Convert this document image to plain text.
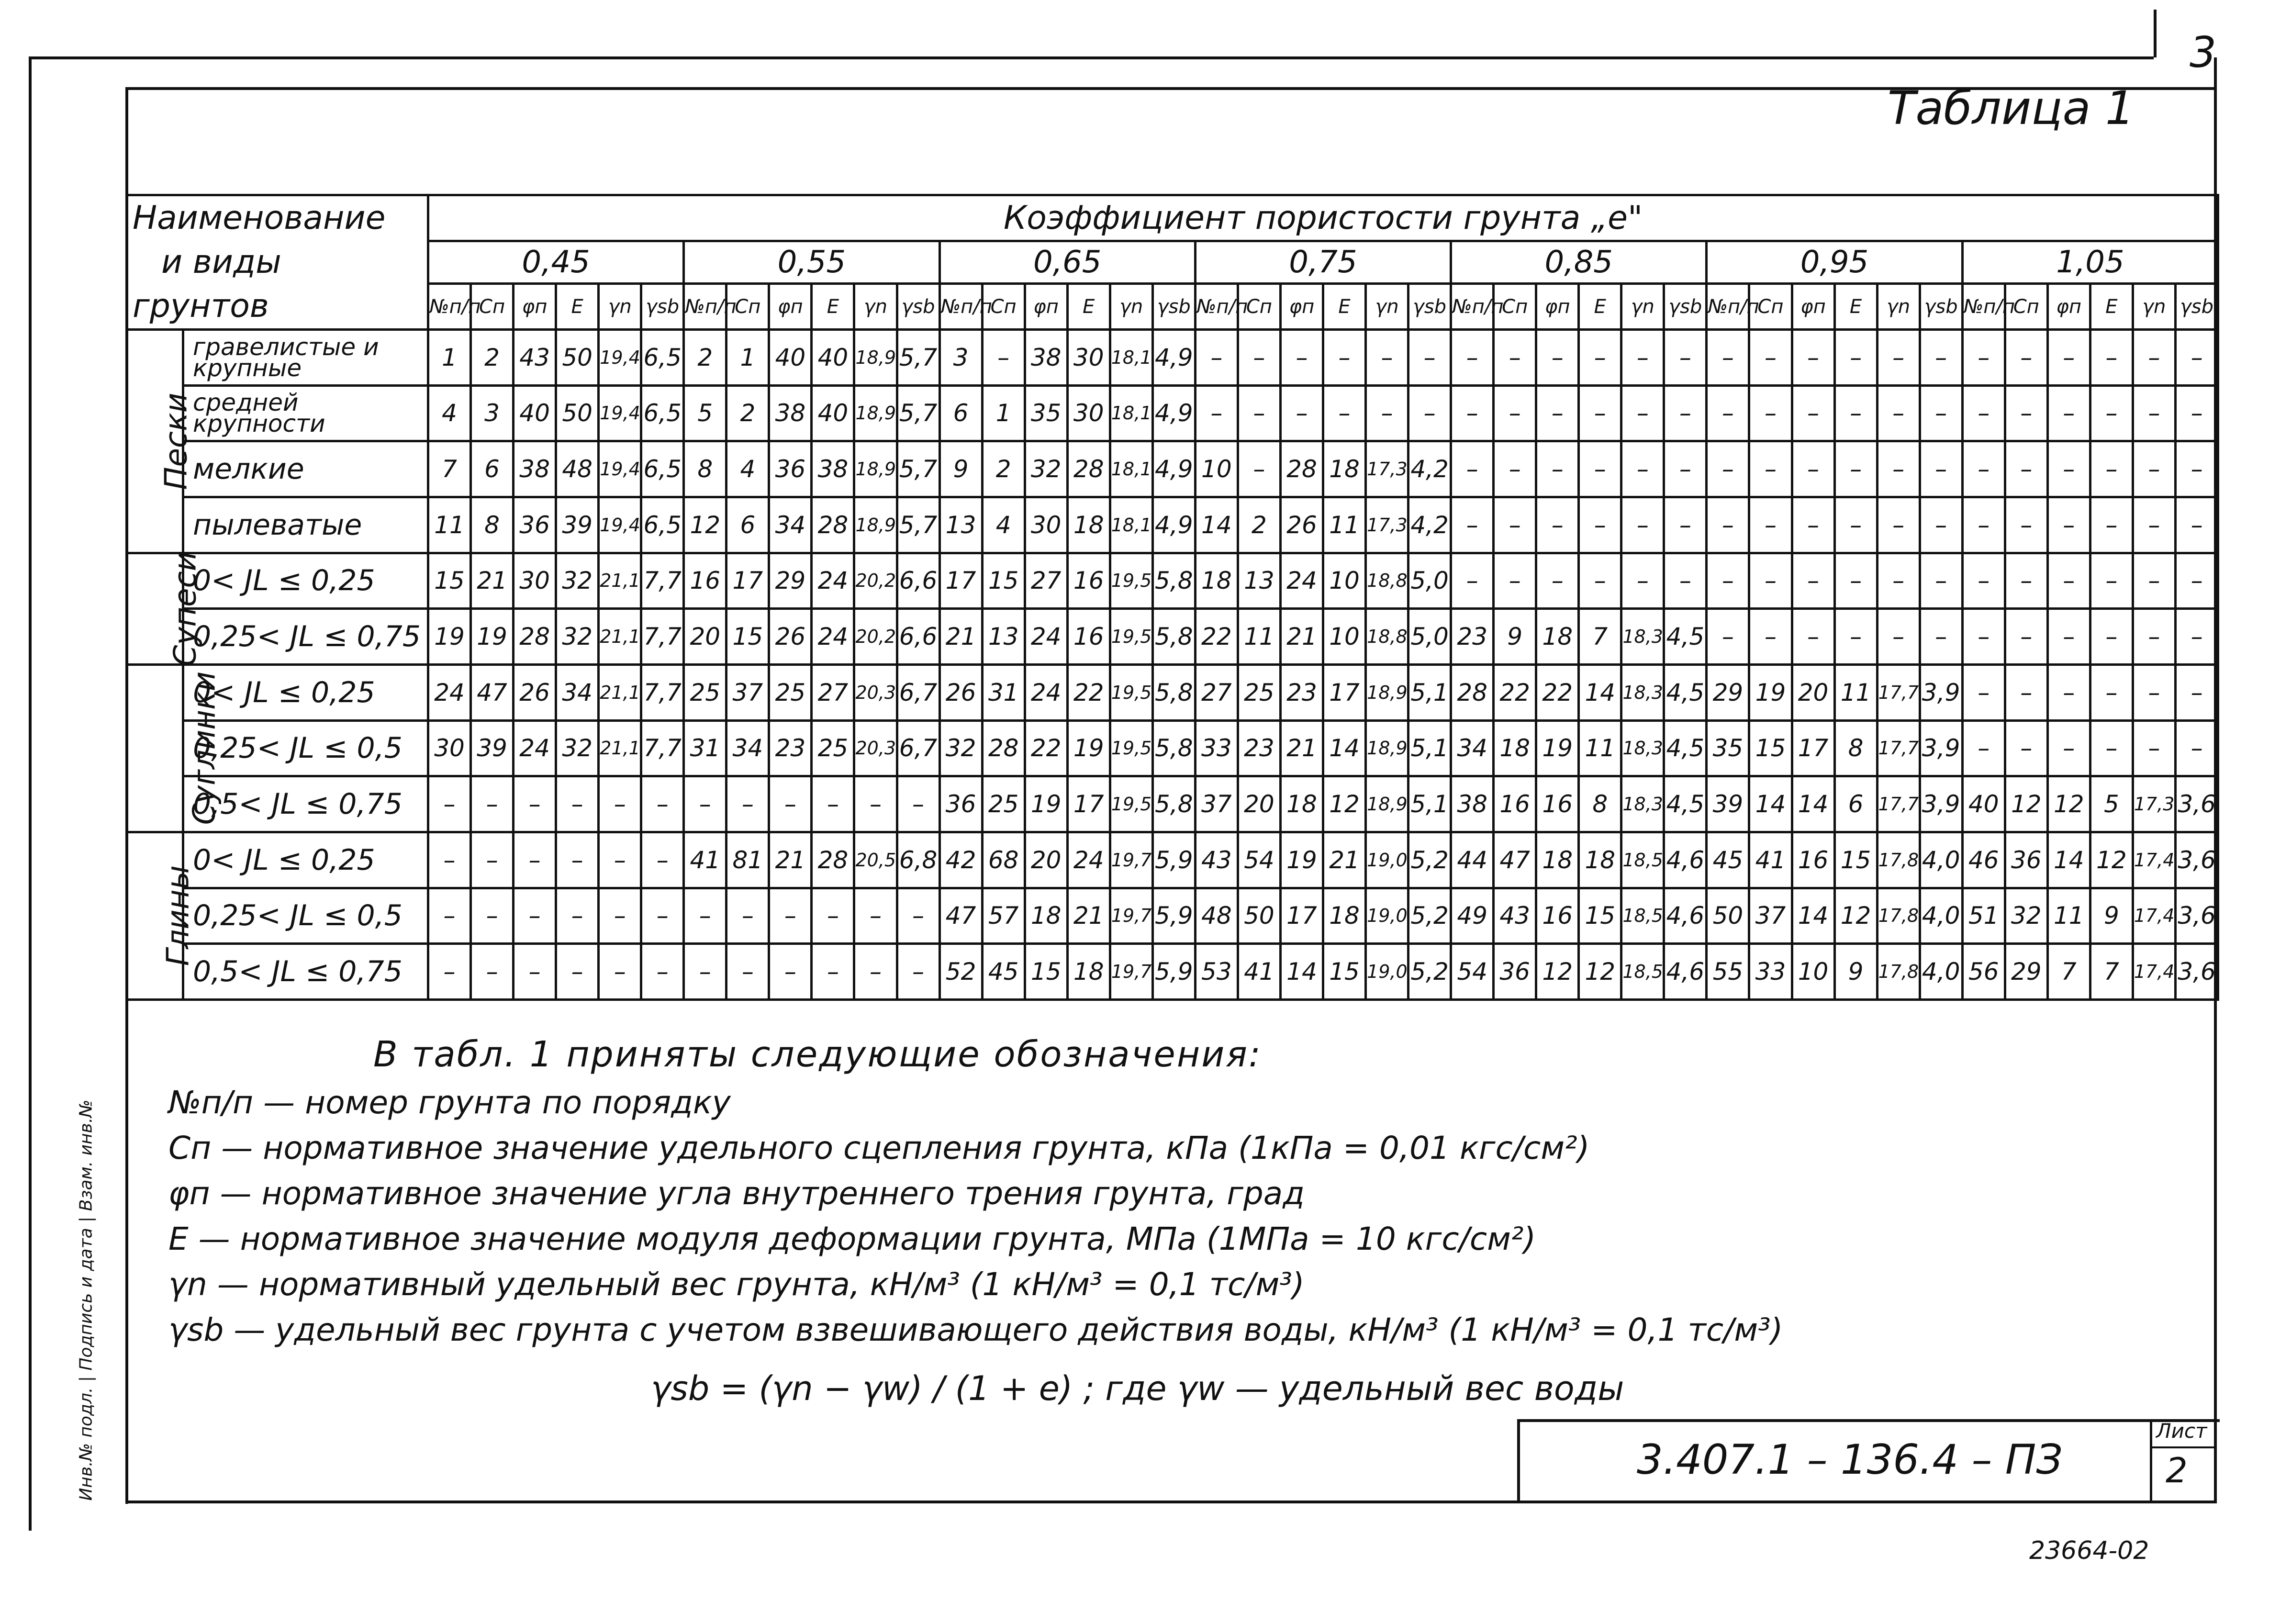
3
Таблица 1
Наименование
и виды
грунтов		Коэффициент пористости грунта „е"																																									
		0,45						0,55						0,65						0,75						0,85						0,95						1,05					
		№п/п	Сп	φп	Е	γn	γsb	№п/п	Сп	φп	Е	γn	γsb	№п/п	Сп	φп	Е	γn	γsb	№п/п	Сп	φп	Е	γn	γsb	№п/п	Сп	φп	Е	γn	γsb	№п/п	Сп	φп	Е	γn	γsb	№п/п	Сп	φп	Е	γn	γsb
Пески	гравелистые и крупные	1	2	43	50	19,4	6,5	2	1	40	40	18,9	5,7	3	–	38	30	18,1	4,9	–	–	–	–	–	–	–	–	–	–	–	–	–	–	–	–	–	–	–	–	–	–	–	–
	средней крупности	4	3	40	50	19,4	6,5	5	2	38	40	18,9	5,7	6	1	35	30	18,1	4,9	–	–	–	–	–	–	–	–	–	–	–	–	–	–	–	–	–	–	–	–	–	–	–	–
	мелкие	7	6	38	48	19,4	6,5	8	4	36	38	18,9	5,7	9	2	32	28	18,1	4,9	10	–	28	18	17,3	4,2	–	–	–	–	–	–	–	–	–	–	–	–	–	–	–	–	–	–
	пылеватые	11	8	36	39	19,4	6,5	12	6	34	28	18,9	5,7	13	4	30	18	18,1	4,9	14	2	26	11	17,3	4,2	–	–	–	–	–	–	–	–	–	–	–	–	–	–	–	–	–	–
Супеси	0< JL ≤ 0,25	15	21	30	32	21,1	7,7	16	17	29	24	20,2	6,6	17	15	27	16	19,5	5,8	18	13	24	10	18,8	5,0	–	–	–	–	–	–	–	–	–	–	–	–	–	–	–	–	–	–
	0,25< JL ≤ 0,75	19	19	28	32	21,1	7,7	20	15	26	24	20,2	6,6	21	13	24	16	19,5	5,8	22	11	21	10	18,8	5,0	23	9	18	7	18,3	4,5	–	–	–	–	–	–	–	–	–	–	–	–
Суглинки	0< JL ≤ 0,25	24	47	26	34	21,1	7,7	25	37	25	27	20,3	6,7	26	31	24	22	19,5	5,8	27	25	23	17	18,9	5,1	28	22	22	14	18,3	4,5	29	19	20	11	17,7	3,9	–	–	–	–	–	–
	0,25< JL ≤ 0,5	30	39	24	32	21,1	7,7	31	34	23	25	20,3	6,7	32	28	22	19	19,5	5,8	33	23	21	14	18,9	5,1	34	18	19	11	18,3	4,5	35	15	17	8	17,7	3,9	–	–	–	–	–	–
	0,5< JL ≤ 0,75	–	–	–	–	–	–	–	–	–	–	–	–	36	25	19	17	19,5	5,8	37	20	18	12	18,9	5,1	38	16	16	8	18,3	4,5	39	14	14	6	17,7	3,9	40	12	12	5	17,3	3,6
Глины	0< JL ≤ 0,25	–	–	–	–	–	–	41	81	21	28	20,5	6,8	42	68	20	24	19,7	5,9	43	54	19	21	19,0	5,2	44	47	18	18	18,5	4,6	45	41	16	15	17,8	4,0	46	36	14	12	17,4	3,6
	0,25< JL ≤ 0,5	–	–	–	–	–	–	–	–	–	–	–	–	47	57	18	21	19,7	5,9	48	50	17	18	19,0	5,2	49	43	16	15	18,5	4,6	50	37	14	12	17,8	4,0	51	32	11	9	17,4	3,6
	0,5< JL ≤ 0,75	–	–	–	–	–	–	–	–	–	–	–	–	52	45	15	18	19,7	5,9	53	41	14	15	19,0	5,2	54	36	12	12	18,5	4,6	55	33	10	9	17,8	4,0	56	29	7	7	17,4	3,6
В табл. 1 приняты следующие обозначения:
№п/п — номер грунта по порядку
Сп — нормативное значение удельного сцепления грунта, кПа (1кПа = 0,01 кгс/см²)
φп — нормативное значение угла внутреннего трения грунта, град
Е — нормативное значение модуля деформации грунта, МПа (1МПа = 10 кгс/см²)
γn — нормативный удельный вес грунта, кН/м³ (1 кН/м³ = 0,1 тс/м³)
γsb — удельный вес грунта с учетом взвешивающего действия воды, кН/м³ (1 кН/м³ = 0,1 тс/м³)
γsb = (γn − γw) / (1 + e) ; где γw — удельный вес воды
3.407.1 – 136.4 – ПЗ
Лист
2
Инв.№ подл. | Подпись и дата | Взам. инв.№
23664-02
